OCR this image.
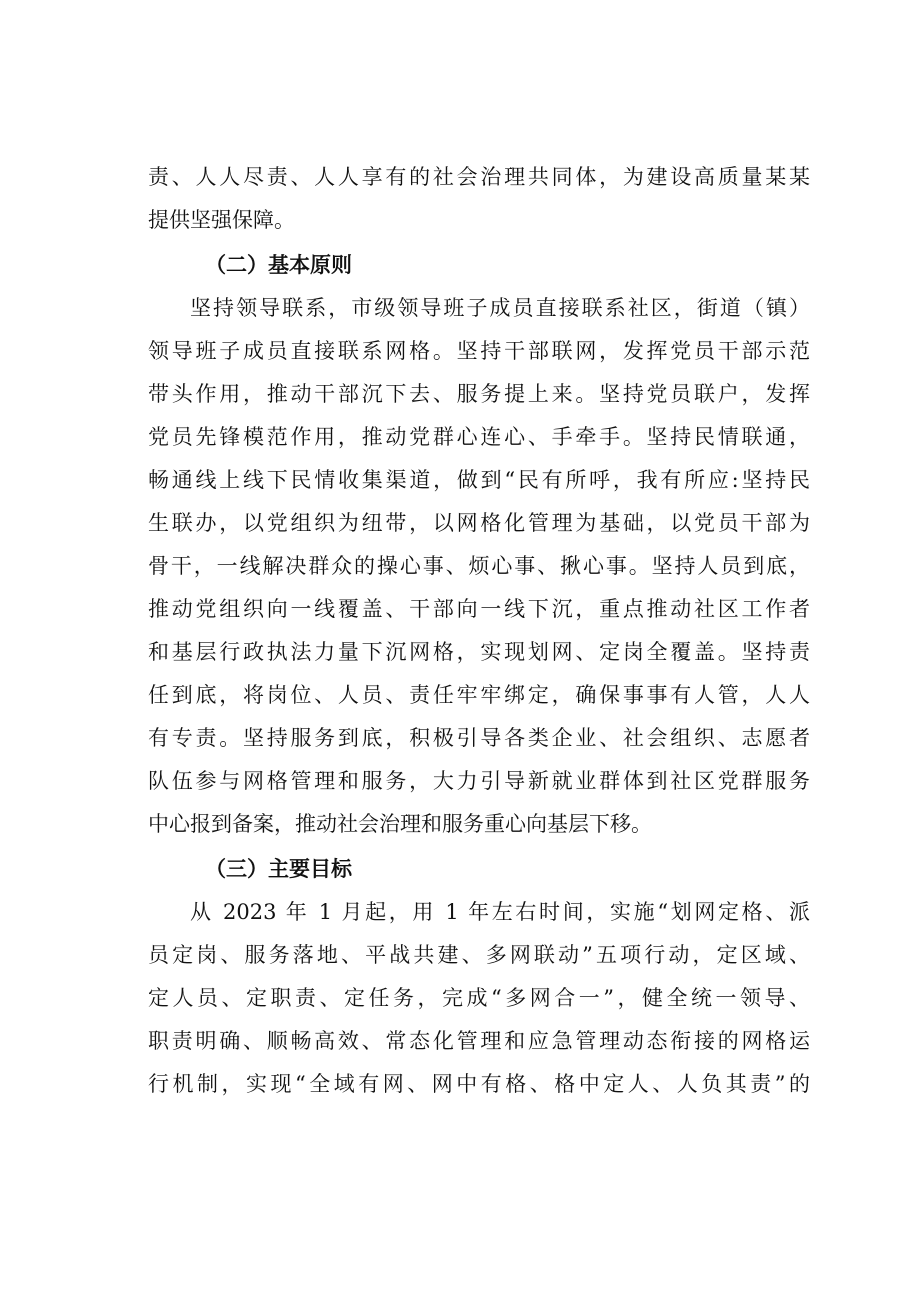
责、人人尽责、人人享有的社会治理共同体，为建设高质量某某
提供坚强保障。
（二）基本原则
坚持领导联系，市级领导班子成员直接联系社区，街道（镇）
领导班子成员直接联系网格。坚持干部联网，发挥党员干部示范
带头作用，推动干部沉下去、服务提上来。坚持党员联户，发挥
党员先锋模范作用，推动党群心连心、手牵手。坚持民情联通，
畅通线上线下民情收集渠道，做到“民有所呼，我有所应:坚持民
生联办，以党组织为纽带，以网格化管理为基础，以党员干部为
骨干，一线解决群众的操心事、烦心事、揪心事。坚持人员到底，
推动党组织向一线覆盖、干部向一线下沉，重点推动社区工作者
和基层行政执法力量下沉网格，实现划网、定岗全覆盖。坚持责
任到底，将岗位、人员、责任牢牢绑定，确保事事有人管，人人
有专责。坚持服务到底，积极引导各类企业、社会组织、志愿者
队伍参与网格管理和服务，大力引导新就业群体到社区党群服务
中心报到备案，推动社会治理和服务重心向基层下移。
（三）主要目标
从 2023 年 1 月起，用 1 年左右时间，实施“划网定格、派
员定岗、服务落地、平战共建、多网联动”五项行动，定区域、
定人员、定职责、定任务，完成“多网合一”，健全统一领导、
职责明确、顺畅高效、常态化管理和应急管理动态衔接的网格运
行机制，实现“全域有网、网中有格、格中定人、人负其责”的
